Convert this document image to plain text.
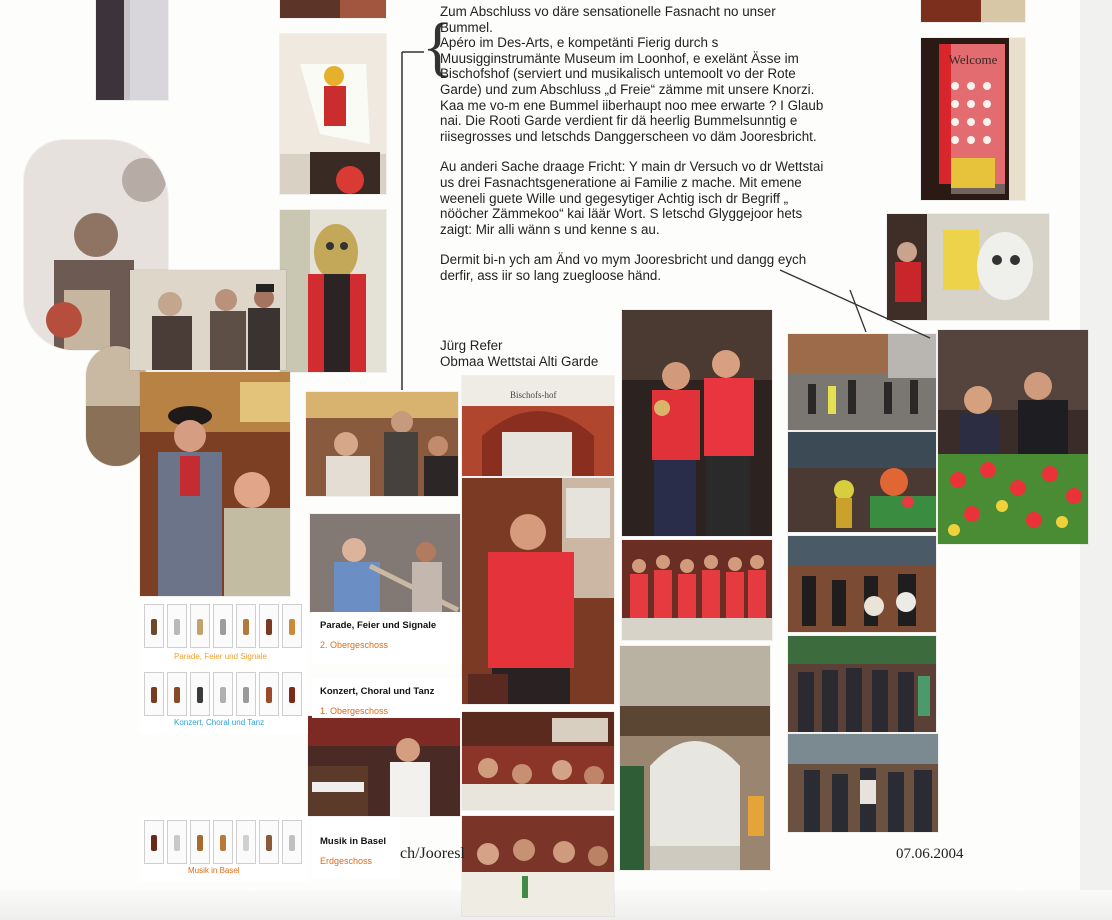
{

Zum Abschluss vo däre sensationelle Fasnacht no unser
Bummel.
Apéro im Des-Arts, e kompetänti Fierig durch s
Muusigginstrumänte Museum im Loonhof, e exelänt Ässe im
Bischofshof (serviert und musikalisch untemoolt vo der Rote
Garde) und zum Abschluss „d Freie“ zämme mit unsere Knorzi.
Kaa me vo-m ene Bummel iiberhaupt noo mee erwarte ? I Glaub
nai. Die Rooti Garde verdient fir dä heerlig Bummelsunntig e
riisegrosses und letschds Danggerscheen vo däm Jooresbricht.

Au anderi Sache draage Fricht: Y main dr Versuch vo dr Wettstai
us drei Fasnachtsgeneratione ai Familie z mache. Mit emene
weeneli guete Wille und gegesytiger Achtig isch dr Begriff „
nööcher Zämmekoo“ kai läär Wort. S letschd Glyggejoor hets
zaigt: Mir alli wänn s und kenne s au.

Dermit bi-n ych am Änd vo mym Jooresbricht und dangg eych
derfir, ass iir so lang zuegloose händ.

Jürg Refer
Obmaa Wettstai Alti Garde
Welcome
Bischofs-hof
Parade, Feier und Signale
Konzert, Choral und Tanz
Musik in Basel
Parade, Feier und Signale
2. Obergeschoss
Konzert, Choral und Tanz
1. Obergeschoss
Musik in Basel
Erdgeschoss ch/Jooresl	07.06.2004
